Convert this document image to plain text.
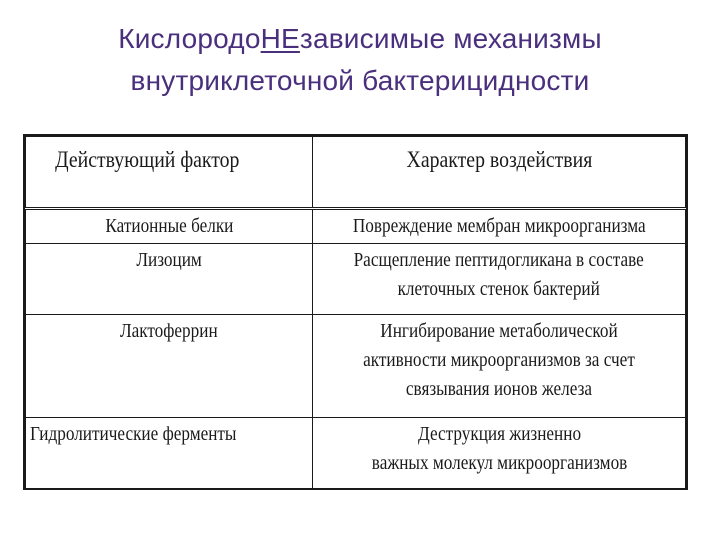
КислородоНЕзависимые механизмы
внутриклеточной бактерицидности
Действующий фактор	Характер воздействия
Катионные белки	Повреждение мембран микроорганизма

Лизоцим	Расщепление пептидогликана в составе
клеточных стенок бактерий

Лактоферрин	Ингибирование метаболической
активности микроорганизмов за счет
связывания ионов железа

Гидролитические ферменты	Деструкция жизненно
важных молекул микроорганизмов
